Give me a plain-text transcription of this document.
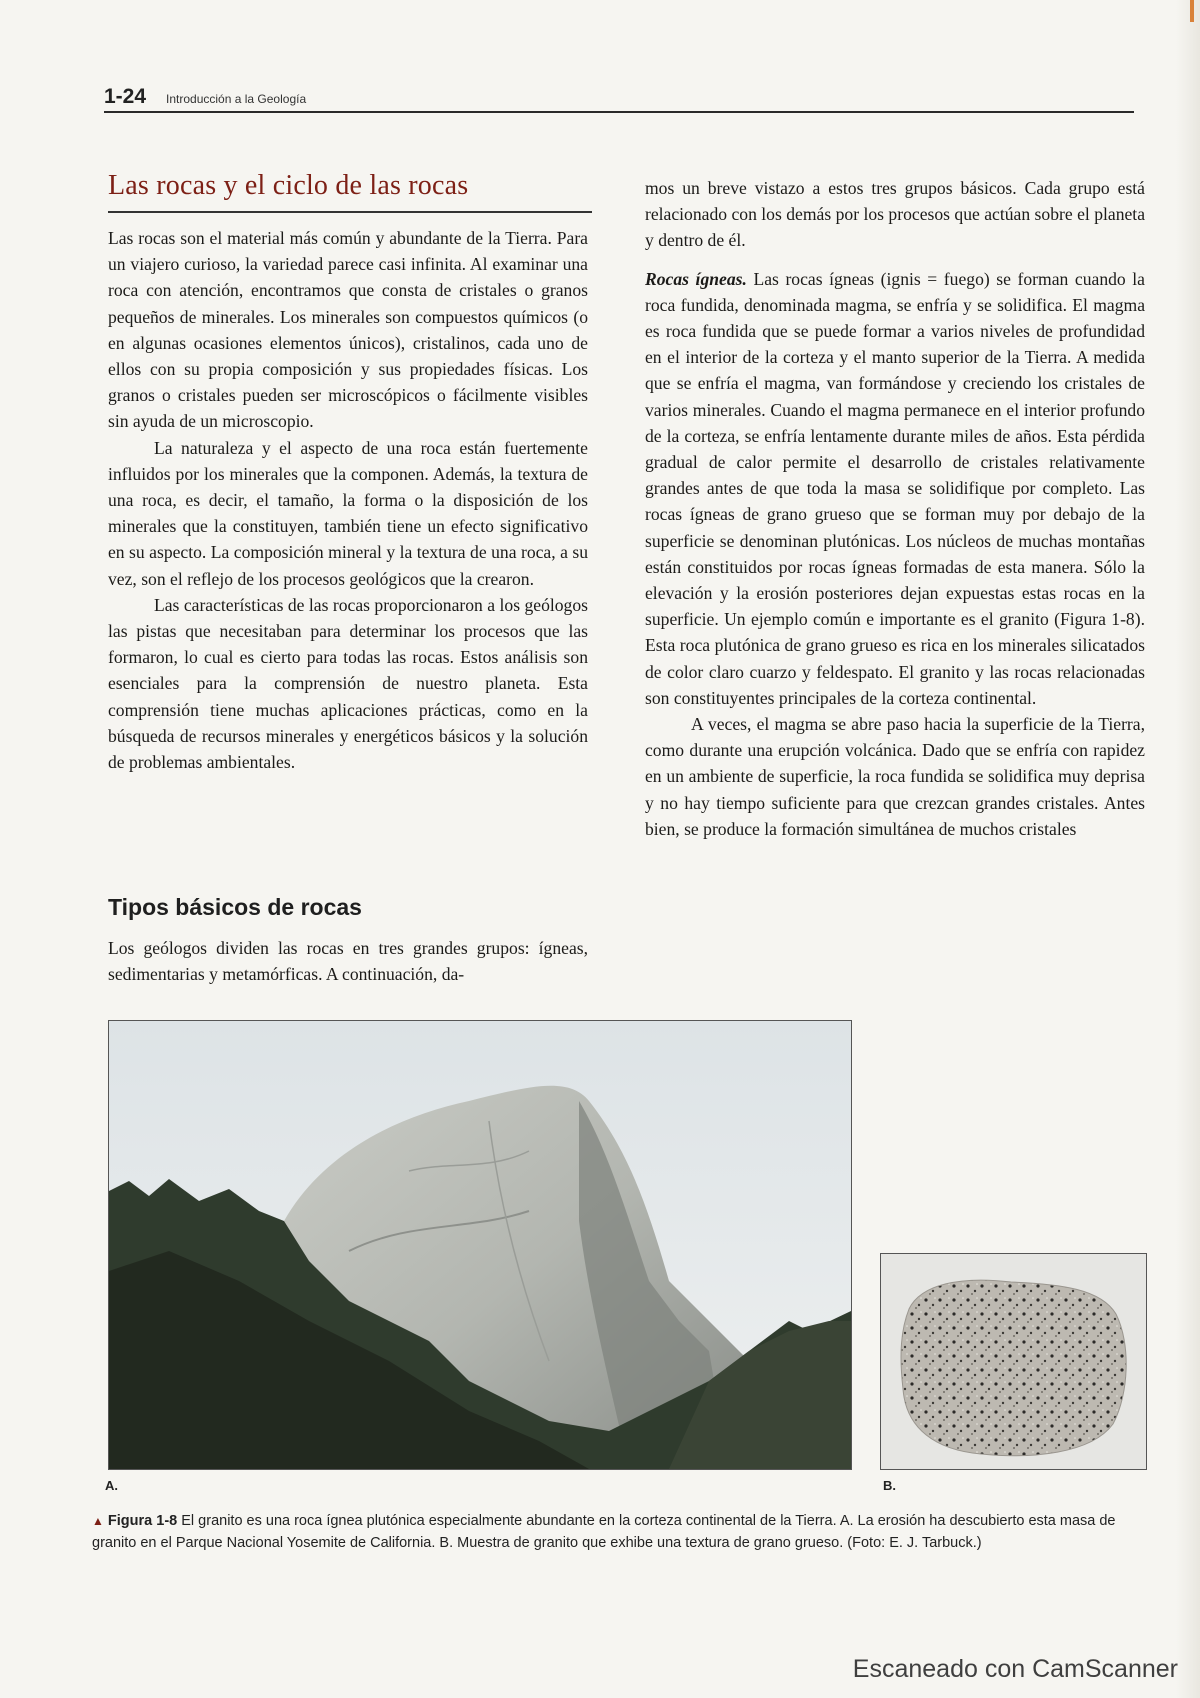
1-24 Introducción a la Geología
Las rocas y el ciclo de las rocas

Las rocas son el material más común y abundante de la Tierra. Para un viajero curioso, la variedad parece casi infinita. Al examinar una roca con atención, encontramos que consta de cristales o granos pequeños de minerales. Los minerales son compuestos químicos (o en algunas ocasiones elementos únicos), cristalinos, cada uno de ellos con su propia composición y sus propiedades físicas. Los granos o cristales pueden ser microscópicos o fácilmente visibles sin ayuda de un microscopio.

La naturaleza y el aspecto de una roca están fuertemente influidos por los minerales que la componen. Además, la textura de una roca, es decir, el tamaño, la forma o la disposición de los minerales que la constituyen, también tiene un efecto significativo en su aspecto. La composición mineral y la textura de una roca, a su vez, son el reflejo de los procesos geológicos que la crearon.

Las características de las rocas proporcionaron a los geólogos las pistas que necesitaban para determinar los procesos que las formaron, lo cual es cierto para todas las rocas. Estos análisis son esenciales para la comprensión de nuestro planeta. Esta comprensión tiene muchas aplicaciones prácticas, como en la búsqueda de recursos minerales y energéticos básicos y la solución de problemas ambientales.

Tipos básicos de rocas

Los geólogos dividen las rocas en tres grandes grupos: ígneas, sedimentarias y metamórficas. A continuación, da-

mos un breve vistazo a estos tres grupos básicos. Cada grupo está relacionado con los demás por los procesos que actúan sobre el planeta y dentro de él.

Rocas ígneas. Las rocas ígneas (ignis = fuego) se forman cuando la roca fundida, denominada magma, se enfría y se solidifica. El magma es roca fundida que se puede formar a varios niveles de profundidad en el interior de la corteza y el manto superior de la Tierra. A medida que se enfría el magma, van formándose y creciendo los cristales de varios minerales. Cuando el magma permanece en el interior profundo de la corteza, se enfría lentamente durante miles de años. Esta pérdida gradual de calor permite el desarrollo de cristales relativamente grandes antes de que toda la masa se solidifique por completo. Las rocas ígneas de grano grueso que se forman muy por debajo de la superficie se denominan plutónicas. Los núcleos de muchas montañas están constituidos por rocas ígneas formadas de esta manera. Sólo la elevación y la erosión posteriores dejan expuestas estas rocas en la superficie. Un ejemplo común e importante es el granito (Figura 1-8). Esta roca plutónica de grano grueso es rica en los minerales silicatados de color claro cuarzo y feldespato. El granito y las rocas relacionadas son constituyentes principales de la corteza continental.

A veces, el magma se abre paso hacia la superficie de la Tierra, como durante una erupción volcánica. Dado que se enfría con rapidez en un ambiente de superficie, la roca fundida se solidifica muy deprisa y no hay tiempo suficiente para que crezcan grandes cristales. Antes bien, se produce la formación simultánea de muchos cristales

A.	B.
▲ Figura 1-8 El granito es una roca ígnea plutónica especialmente abundante en la corteza continental de la Tierra. A. La erosión ha descubierto esta masa de granito en el Parque Nacional Yosemite de California. B. Muestra de granito que exhibe una textura de grano grueso. (Foto: E. J. Tarbuck.)
Escaneado con CamScanner
